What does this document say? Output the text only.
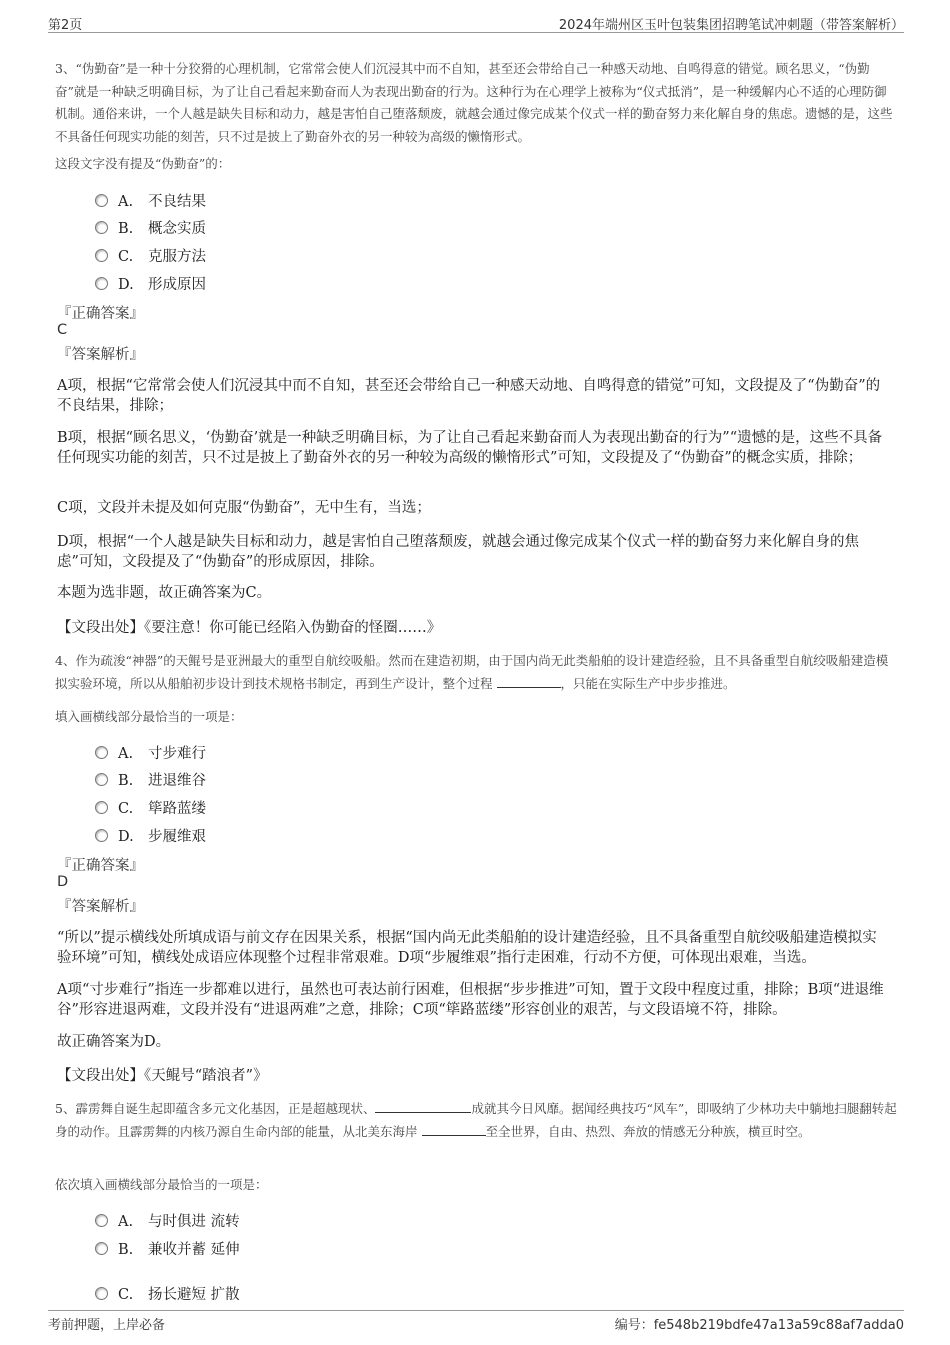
第2页	2024年端州区玉叶包装集团招聘笔试冲刺题（带答案解析）
3、“伪勤奋”是一种十分狡猾的心理机制，它常常会使人们沉浸其中而不自知，甚至还会带给自己一种感天动地、自鸣得意的错觉。顾名思义，“伪勤奋”就是一种缺乏明确目标，为了让自己看起来勤奋而人为表现出勤奋的行为。这种行为在心理学上被称为“仪式抵消”，是一种缓解内心不适的心理防御机制。通俗来讲，一个人越是缺失目标和动力，越是害怕自己堕落颓废，就越会通过像完成某个仪式一样的勤奋努力来化解自身的焦虑。遗憾的是，这些不具备任何现实功能的刻苦，只不过是披上了勤奋外衣的另一种较为高级的懒惰形式。
这段文字没有提及“伪勤奋”的：
A. 不良结果
B. 概念实质
C. 克服方法
D. 形成原因
『正确答案』
C
『答案解析』
A项，根据“它常常会使人们沉浸其中而不自知，甚至还会带给自己一种感天动地、自鸣得意的错觉”可知，文段提及了“伪勤奋”的不良结果，排除；
B项，根据“顾名思义，‘伪勤奋’就是一种缺乏明确目标，为了让自己看起来勤奋而人为表现出勤奋的行为”“遗憾的是，这些不具备任何现实功能的刻苦，只不过是披上了勤奋外衣的另一种较为高级的懒惰形式”可知，文段提及了“伪勤奋”的概念实质，排除；
C项，文段并未提及如何克服“伪勤奋”，无中生有，当选；
D项，根据“一个人越是缺失目标和动力，越是害怕自己堕落颓废，就越会通过像完成某个仪式一样的勤奋努力来化解自身的焦虑”可知，文段提及了“伪勤奋”的形成原因，排除。
本题为选非题，故正确答案为C。
【文段出处】《要注意！你可能已经陷入伪勤奋的怪圈……》
4、作为疏浚“神器”的天鲲号是亚洲最大的重型自航绞吸船。然而在建造初期，由于国内尚无此类船舶的设计建造经验，且不具备重型自航绞吸船建造模拟实验环境，所以从船舶初步设计到技术规格书制定，再到生产设计，整个过程	，只能在实际生产中步步推进。
填入画横线部分最恰当的一项是：
A. 寸步难行
B. 进退维谷
C. 筚路蓝缕
D. 步履维艰
『正确答案』
D
『答案解析』
“所以”提示横线处所填成语与前文存在因果关系，根据“国内尚无此类船舶的设计建造经验，且不具备重型自航绞吸船建造模拟实验环境”可知，横线处成语应体现整个过程非常艰难。D项“步履维艰”指行走困难，行动不方便，可体现出艰难，当选。
A项“寸步难行”指连一步都难以进行，虽然也可表达前行困难，但根据“步步推进”可知，置于文段中程度过重，排除；B项“进退维谷”形容进退两难，文段并没有“进退两难”之意，排除；C项“筚路蓝缕”形容创业的艰苦，与文段语境不符，排除。
故正确答案为D。
【文段出处】《天鲲号“踏浪者”》
5、霹雳舞自诞生起即蕴含多元文化基因，正是超越现状、	成就其今日风靡。据闻经典技巧“风车”，即吸纳了少林功夫中躺地扫腿翻转起身的动作。且霹雳舞的内核乃源自生命内部的能量，从北美东海岸	至全世界，自由、热烈、奔放的情感无分种族，横亘时空。
依次填入画横线部分最恰当的一项是：
A. 与时俱进 流转
B. 兼收并蓄 延伸
C. 扬长避短 扩散
考前押题，上岸必备	编号：fe548b219bdfe47a13a59c88af7adda0
